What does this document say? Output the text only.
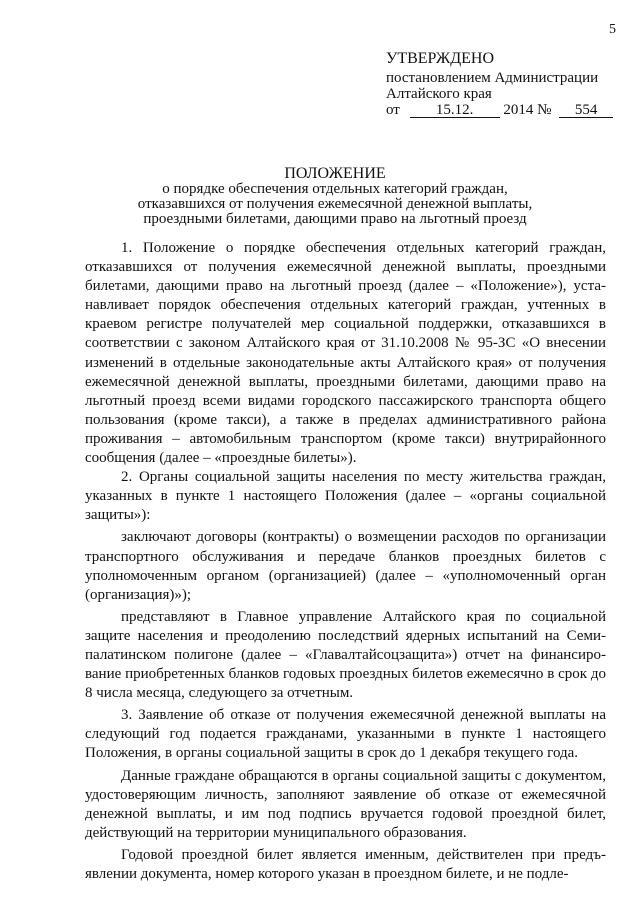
5
УТВЕРЖДЕНО
постановлением Администрации
Алтайского края
от 15.12. 2014 № 554
ПОЛОЖЕНИЕ
о порядке обеспечения отдельных категорий граждан,
отказавшихся от получения ежемесячной денежной выплаты,
проездными билетами, дающими право на льготный проезд

1. Положение о порядке обеспечения отдельных категорий граждан, отказавшихся от получения ежемесячной денежной выплаты, проездными билетами, дающими право на льготный проезд (далее – «Положение»), устанавливает порядок обеспечения отдельных категорий граждан, учтенных в краевом регистре получателей мер социальной поддержки, отказавшихся в соответствии с законом Алтайского края от 31.10.2008 № 95-ЗС «О внесении изменений в отдельные законодательные акты Алтайского края» от получения ежемесячной денежной выплаты, проездными билетами, дающими право на льготный проезд всеми видами городского пассажирского транспорта общего пользования (кроме такси), а также в пределах административного района проживания – автомобильным транспортом (кроме такси) внутрирайонного сообщения (далее – «проездные билеты»).

2. Органы социальной защиты населения по месту жительства граждан, указанных в пункте 1 настоящего Положения (далее – «органы социальной защиты»):

заключают договоры (контракты) о возмещении расходов по организации транспортного обслуживания и передаче бланков проездных билетов с уполномоченным органом (организацией) (далее – «уполномоченный орган (организация)»);

представляют в Главное управление Алтайского края по социальной защите населения и преодолению последствий ядерных испытаний на Семипалатинском полигоне (далее – «Главалтайсоцзащита») отчет на финансирование приобретенных бланков годовых проездных билетов ежемесячно в срок до 8 числа месяца, следующего за отчетным.

3. Заявление об отказе от получения ежемесячной денежной выплаты на следующий год подается гражданами, указанными в пункте 1 настоящего Положения, в органы социальной защиты в срок до 1 декабря текущего года.

Данные граждане обращаются в органы социальной защиты с документом, удостоверяющим личность, заполняют заявление об отказе от ежемесячной денежной выплаты, и им под подпись вручается годовой проездной билет, действующий на территории муниципального образования.

Годовой проездной билет является именным, действителен при предъявлении документа, номер которого указан в проездном билете, и не подле-
